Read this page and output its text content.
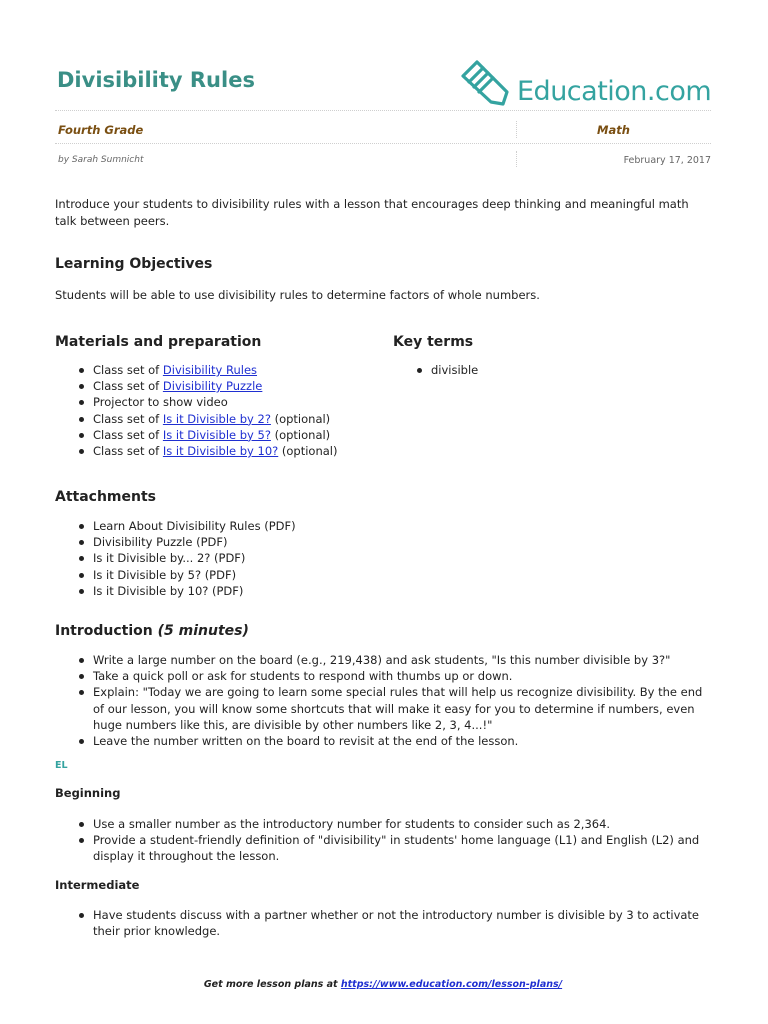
Divisibility Rules	Education.com
Fourth Grade	Math
by Sarah Sumnicht	February 17, 2017

Introduce your students to divisibility rules with a lesson that encourages deep thinking and meaningful math talk between peers.

Learning Objectives

Students will be able to use divisibility rules to determine factors of whole numbers.

Materials and preparation
Class set of Divisibility Rules
Class set of Divisibility Puzzle
Projector to show video
Class set of Is it Divisible by 2? (optional)
Class set of Is it Divisible by 5? (optional)
Class set of Is it Divisible by 10? (optional)
Key terms
divisible
Attachments
Learn About Divisibility Rules (PDF)
Divisibility Puzzle (PDF)
Is it Divisible by... 2? (PDF)
Is it Divisible by 5? (PDF)
Is it Divisible by 10? (PDF)
Introduction (5 minutes)
Write a large number on the board (e.g., 219,438) and ask students, "Is this number divisible by 3?"
Take a quick poll or ask for students to respond with thumbs up or down.
Explain: "Today we are going to learn some special rules that will help us recognize divisibility. By the end of our lesson, you will know some shortcuts that will make it easy for you to determine if numbers, even huge numbers like this, are divisible by other numbers like 2, 3, 4...!"
Leave the number written on the board to revisit at the end of the lesson.
EL
Beginning
Use a smaller number as the introductory number for students to consider such as 2,364.
Provide a student-friendly definition of "divisibility" in students' home language (L1) and English (L2) and display it throughout the lesson.
Intermediate
Have students discuss with a partner whether or not the introductory number is divisible by 3 to activate their prior knowledge.
Get more lesson plans at https://www.education.com/lesson-plans/
